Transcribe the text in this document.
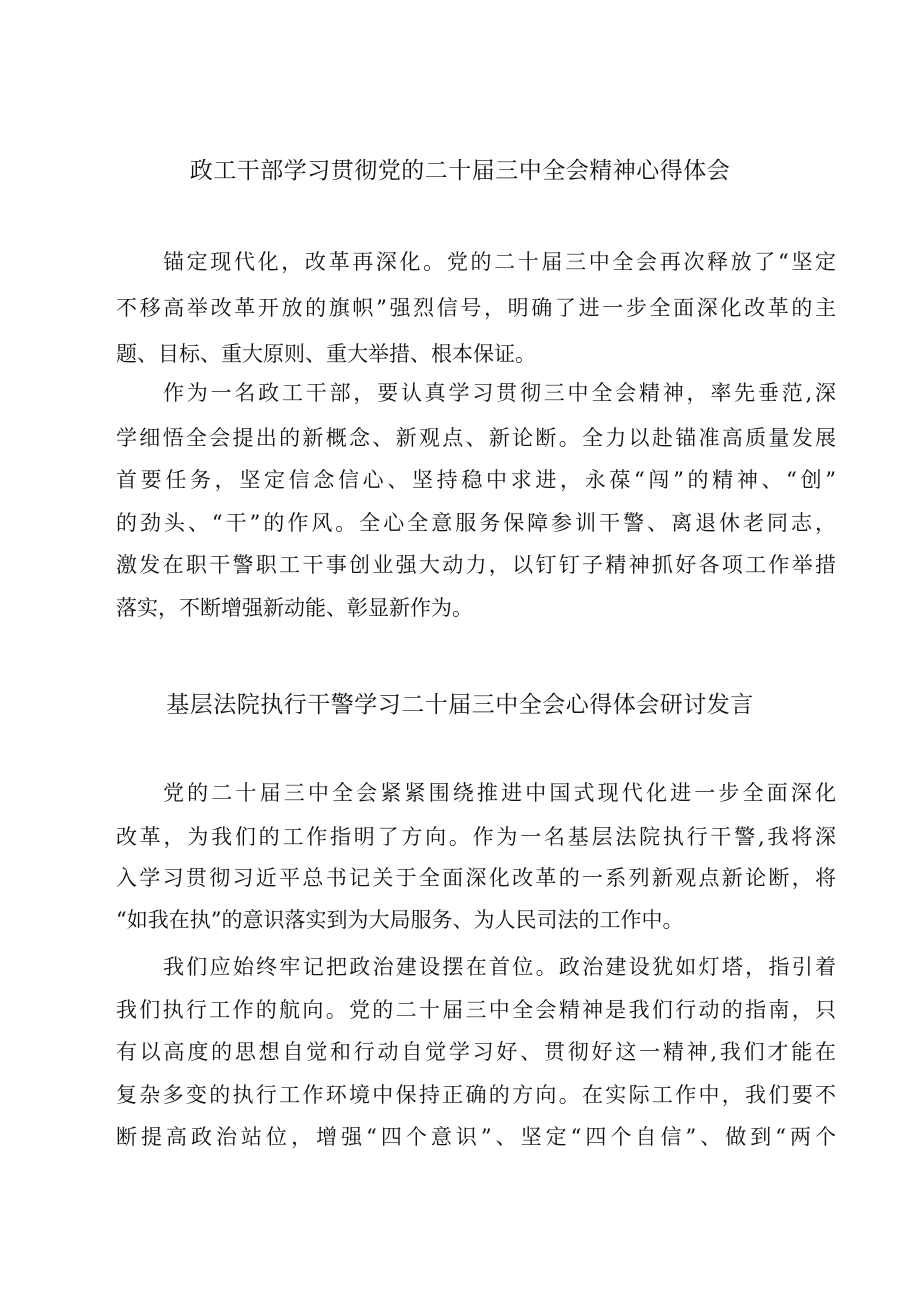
政工干部学习贯彻党的二十届三中全会精神心得体会
锚定现代化，改革再深化。党的二十届三中全会再次释放了“坚定
不移高举改革开放的旗帜”强烈信号，明确了进一步全面深化改革的主
题、目标、重大原则、重大举措、根本保证。
作为一名政工干部，要认真学习贯彻三中全会精神，率先垂范,深
学细悟全会提出的新概念、新观点、新论断。全力以赴锚准高质量发展
首要任务，坚定信念信心、坚持稳中求进，永葆“闯”的精神、“创”
的劲头、“干”的作风。全心全意服务保障参训干警、离退休老同志，
激发在职干警职工干事创业强大动力，以钉钉子精神抓好各项工作举措
落实，不断增强新动能、彰显新作为。
基层法院执行干警学习二十届三中全会心得体会研讨发言
党的二十届三中全会紧紧围绕推进中国式现代化进一步全面深化
改革，为我们的工作指明了方向。作为一名基层法院执行干警,我将深
入学习贯彻习近平总书记关于全面深化改革的一系列新观点新论断，将
“如我在执”的意识落实到为大局服务、为人民司法的工作中。
我们应始终牢记把政治建设摆在首位。政治建设犹如灯塔，指引着
我们执行工作的航向。党的二十届三中全会精神是我们行动的指南，只
有以高度的思想自觉和行动自觉学习好、贯彻好这一精神,我们才能在
复杂多变的执行工作环境中保持正确的方向。在实际工作中，我们要不
断提高政治站位，增强“四个意识”、坚定“四个自信”、做到“两个
